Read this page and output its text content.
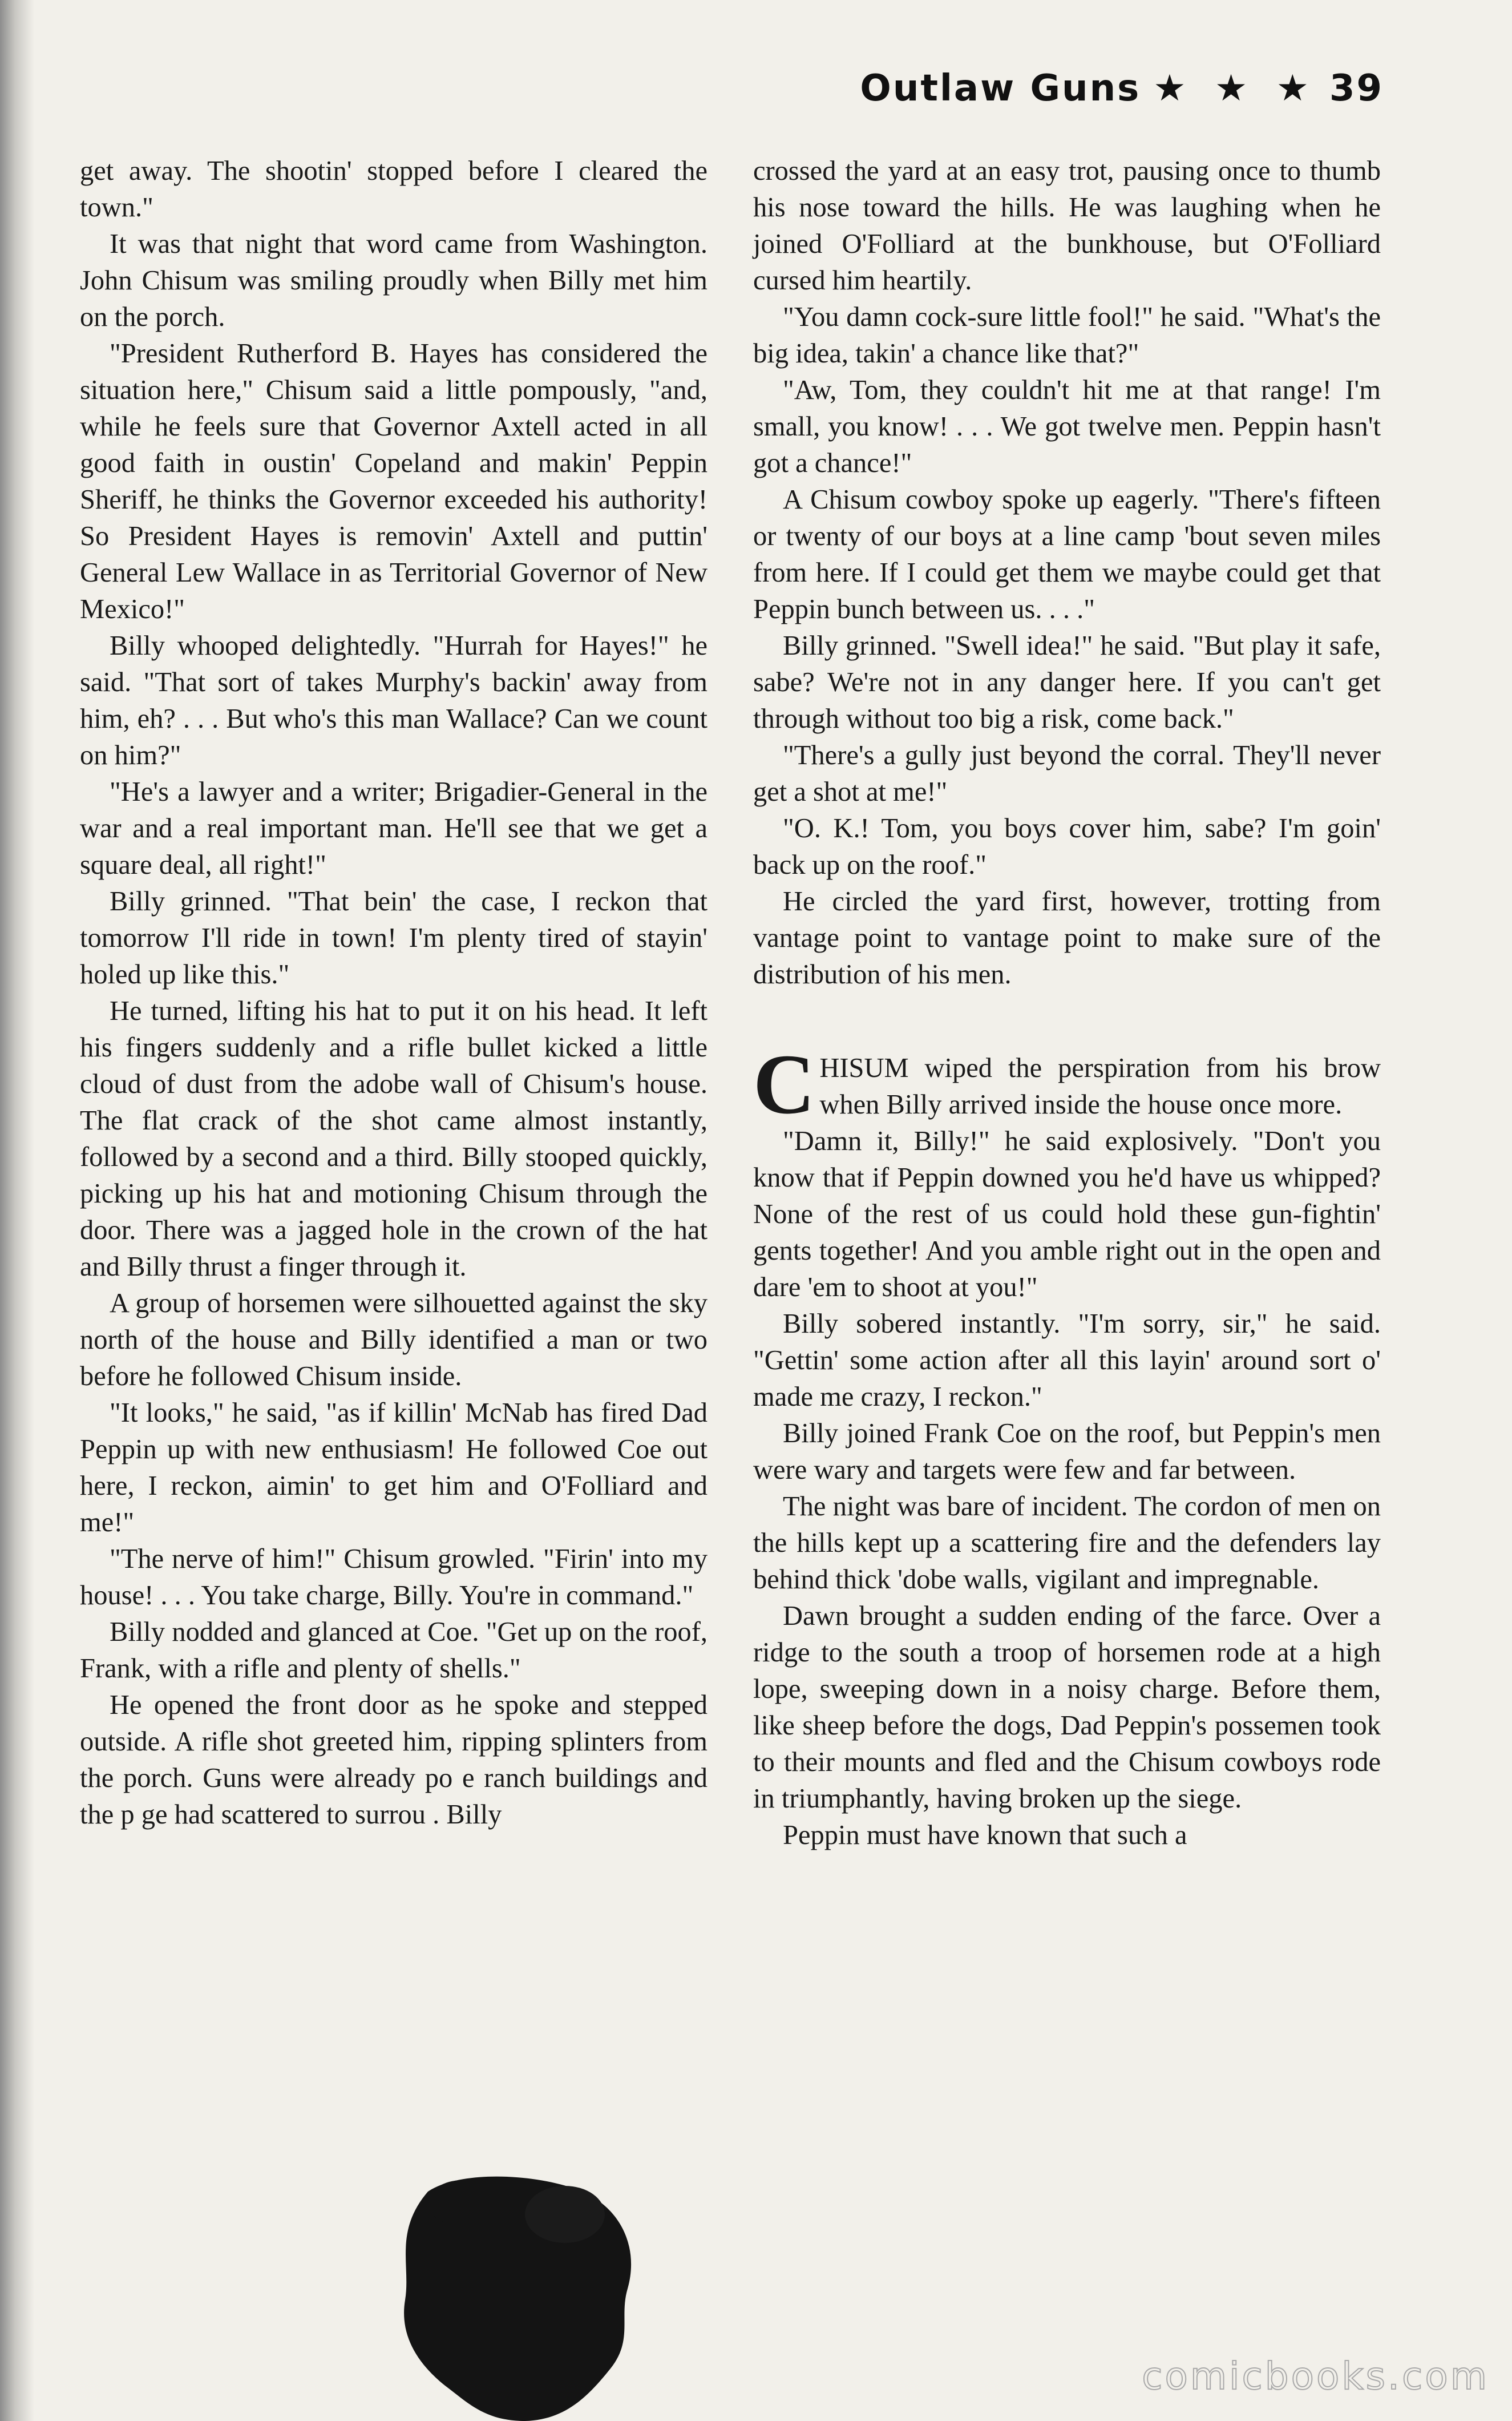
Outlaw Guns ★ ★ ★ 39

get away. The shootin' stopped before I cleared the town."

It was that night that word came from Washington. John Chisum was smiling proudly when Billy met him on the porch.

"President Rutherford B. Hayes has considered the situation here," Chisum said a little pompously, "and, while he feels sure that Governor Axtell acted in all good faith in oustin' Copeland and makin' Peppin Sheriff, he thinks the Governor exceeded his authority! So President Hayes is removin' Axtell and puttin' General Lew Wallace in as Territorial Governor of New Mexico!"

Billy whooped delightedly. "Hurrah for Hayes!" he said. "That sort of takes Murphy's backin' away from him, eh? . . . But who's this man Wallace? Can we count on him?"

"He's a lawyer and a writer; Brigadier-General in the war and a real important man. He'll see that we get a square deal, all right!"

Billy grinned. "That bein' the case, I reckon that tomorrow I'll ride in town! I'm plenty tired of stayin' holed up like this."

He turned, lifting his hat to put it on his head. It left his fingers suddenly and a rifle bullet kicked a little cloud of dust from the adobe wall of Chisum's house. The flat crack of the shot came almost instantly, followed by a second and a third. Billy stooped quickly, picking up his hat and motioning Chisum through the door. There was a jagged hole in the crown of the hat and Billy thrust a finger through it.

A group of horsemen were silhouetted against the sky north of the house and Billy identified a man or two before he followed Chisum inside.

"It looks," he said, "as if killin' McNab has fired Dad Peppin up with new enthusiasm! He followed Coe out here, I reckon, aimin' to get him and O'Folliard and me!"

"The nerve of him!" Chisum growled. "Firin' into my house! . . . You take charge, Billy. You're in command."

Billy nodded and glanced at Coe. "Get up on the roof, Frank, with a rifle and plenty of shells."

He opened the front door as he spoke and stepped outside. A rifle shot greeted him, ripping splinters from the porch. Guns were already po e ranch buildings and the p ge had scattered to surrou . Billy

crossed the yard at an easy trot, pausing once to thumb his nose toward the hills. He was laughing when he joined O'Folliard at the bunkhouse, but O'Folliard cursed him heartily.

"You damn cock-sure little fool!" he said. "What's the big idea, takin' a chance like that?"

"Aw, Tom, they couldn't hit me at that range! I'm small, you know! . . . We got twelve men. Peppin hasn't got a chance!"

A Chisum cowboy spoke up eagerly. "There's fifteen or twenty of our boys at a line camp 'bout seven miles from here. If I could get them we maybe could get that Peppin bunch between us. . . ."

Billy grinned. "Swell idea!" he said. "But play it safe, sabe? We're not in any danger here. If you can't get through without too big a risk, come back."

"There's a gully just beyond the corral. They'll never get a shot at me!"

"O. K.! Tom, you boys cover him, sabe? I'm goin' back up on the roof."

He circled the yard first, however, trotting from vantage point to vantage point to make sure of the distribution of his men.

CHISUM wiped the perspiration from his brow when Billy arrived inside the house once more.

"Damn it, Billy!" he said explosively. "Don't you know that if Peppin downed you he'd have us whipped? None of the rest of us could hold these gun-fightin' gents together! And you amble right out in the open and dare 'em to shoot at you!"

Billy sobered instantly. "I'm sorry, sir," he said. "Gettin' some action after all this layin' around sort o' made me crazy, I reckon."

Billy joined Frank Coe on the roof, but Peppin's men were wary and targets were few and far between.

The night was bare of incident. The cordon of men on the hills kept up a scattering fire and the defenders lay behind thick 'dobe walls, vigilant and impregnable.

Dawn brought a sudden ending of the farce. Over a ridge to the south a troop of horsemen rode at a high lope, sweeping down in a noisy charge. Before them, like sheep before the dogs, Dad Peppin's possemen took to their mounts and fled and the Chisum cowboys rode in triumphantly, having broken up the siege.

Peppin must have known that such a

comicbooks.com
